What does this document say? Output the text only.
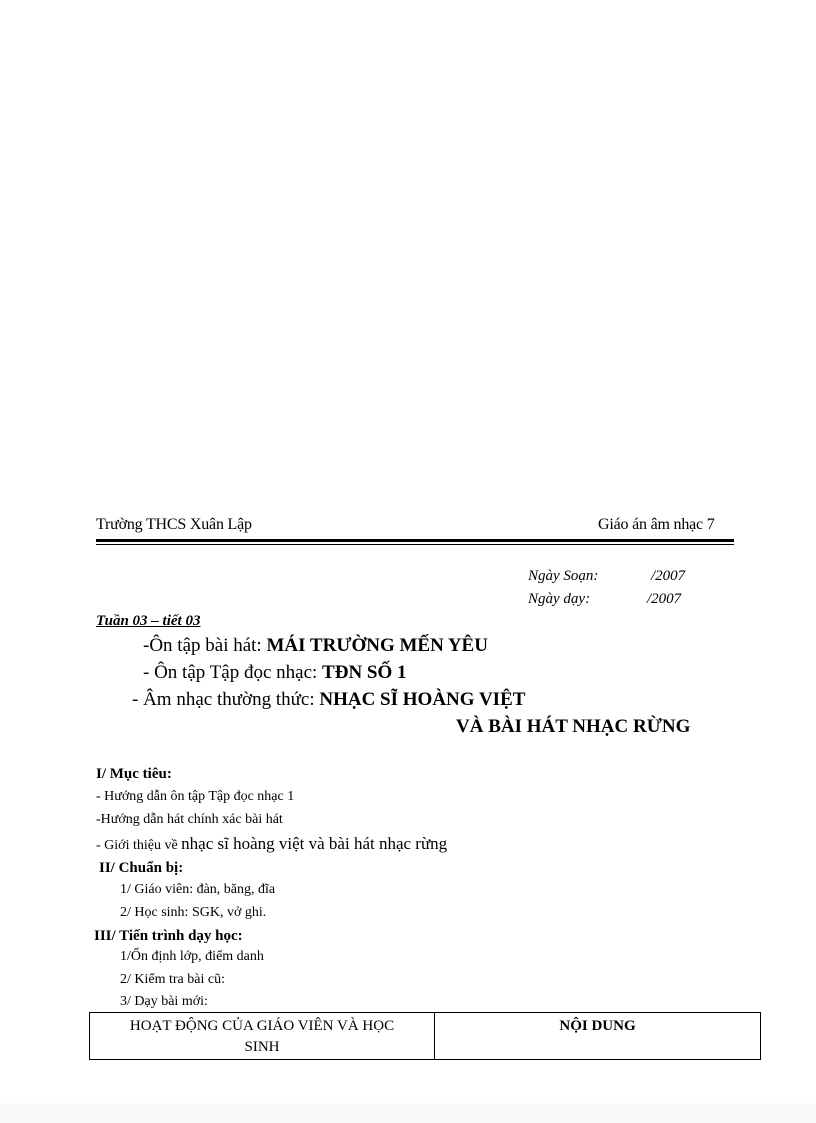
Trường THCS Xuân Lập	Giáo án âm nhạc 7
Ngày Soạn:	/2007
Ngày dạy:	/2007
Tuần 03 – tiết 03
-Ôn tập bài hát: MÁI TRƯỜNG MẾN YÊU
- Ôn tập Tập đọc nhạc: TĐN SỐ 1
- Âm nhạc thường thức: NHẠC SĨ HOÀNG VIỆT
VÀ BÀI HÁT NHẠC RỪNG
I/ Mục tiêu:
- Hướng dẫn ôn tập Tập đọc nhạc 1
-Hướng dẫn hát chính xác bài hát
- Giới thiệu về nhạc sĩ hoàng việt và bài hát nhạc rừng
II/ Chuẩn bị:
1/ Giáo viên: đàn, băng, đĩa
2/ Học sinh: SGK, vở ghi.
III/ Tiến trình dạy học:
1/Ổn định lớp, điểm danh
2/ Kiểm tra bài cũ:
3/ Dạy bài mới:
HOẠT ĐỘNG CỦA GIÁO VIÊN VÀ HỌC
SINH
	NỘI DUNG
